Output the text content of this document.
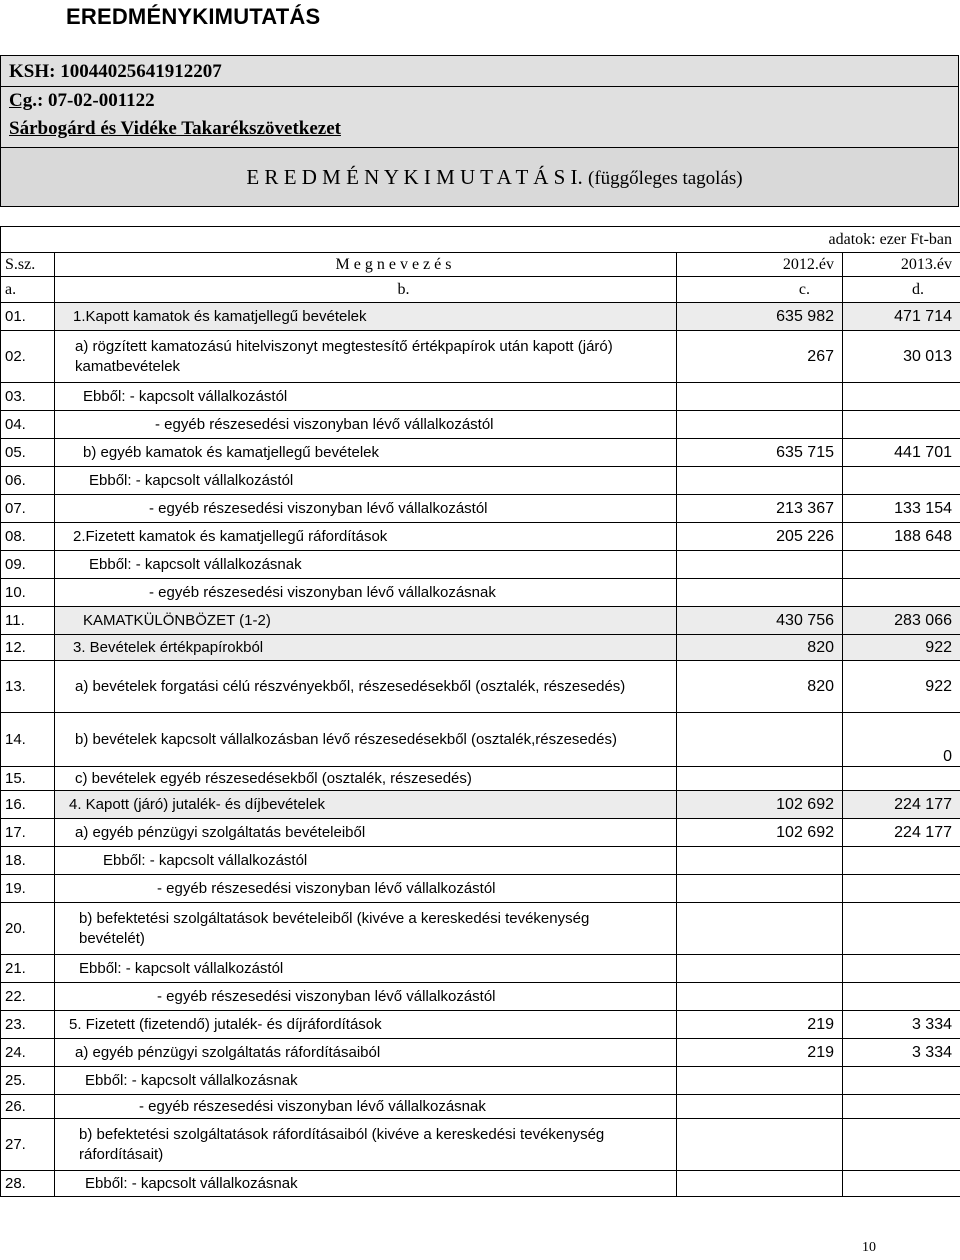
EREDMÉNYKIMUTATÁS
KSH: 10044025641912207
Cg.: 07-02-001122
Sárbogárd és Vidéke Takarékszövetkezet
E R E D M É N Y K I M U T A T Á S I. (függőleges tagolás)
adatok: ezer Ft-ban			
S.sz.	M e g n e v e z é s	2012.év	2013.év
a.	b.	c.	d.
01.	1.Kapott kamatok és kamatjellegű bevételek	635 982	471 714
02.	a) rögzített kamatozású hitelviszonyt megtestesítő értékpapírok után kapott (járó) kamatbevételek	267	30 013
03.	Ebből: - kapcsolt vállalkozástól		
04.	- egyéb részesedési viszonyban lévő vállalkozástól		
05.	b) egyéb kamatok és kamatjellegű bevételek	635 715	441 701
06.	Ebből: - kapcsolt vállalkozástól		
07.	- egyéb részesedési viszonyban lévő vállalkozástól	213 367	133 154
08.	2.Fizetett kamatok és kamatjellegű ráfordítások	205 226	188 648
09.	Ebből: - kapcsolt vállalkozásnak		
10.	- egyéb részesedési viszonyban lévő vállalkozásnak		
11.	KAMATKÜLÖNBÖZET (1-2)	430 756	283 066
12.	3. Bevételek értékpapírokból	820	922
13.	a) bevételek forgatási célú részvényekből, részesedésekből (osztalék, részesedés)	820	922
14.	b) bevételek kapcsolt vállalkozásban lévő részesedésekből (osztalék,részesedés)		0
15.	c) bevételek egyéb részesedésekből (osztalék, részesedés)		
16.	4. Kapott (járó) jutalék- és díjbevételek	102 692	224 177
17.	a) egyéb pénzügyi szolgáltatás bevételeiből	102 692	224 177
18.	Ebből: - kapcsolt vállalkozástól		
19.	- egyéb részesedési viszonyban lévő vállalkozástól		
20.	b) befektetési szolgáltatások bevételeiből (kivéve a kereskedési tevékenység bevételét)		
21.	Ebből: - kapcsolt vállalkozástól		
22.	- egyéb részesedési viszonyban lévő vállalkozástól		
23.	5. Fizetett (fizetendő) jutalék- és díjráfordítások	219	3 334
24.	a) egyéb pénzügyi szolgáltatás ráfordításaiból	219	3 334
25.	Ebből: - kapcsolt vállalkozásnak		
26.	- egyéb részesedési viszonyban lévő vállalkozásnak		
27.	b) befektetési szolgáltatások ráfordításaiból (kivéve a kereskedési tevékenység ráfordításait)		
28.	Ebből: - kapcsolt vállalkozásnak		
10
